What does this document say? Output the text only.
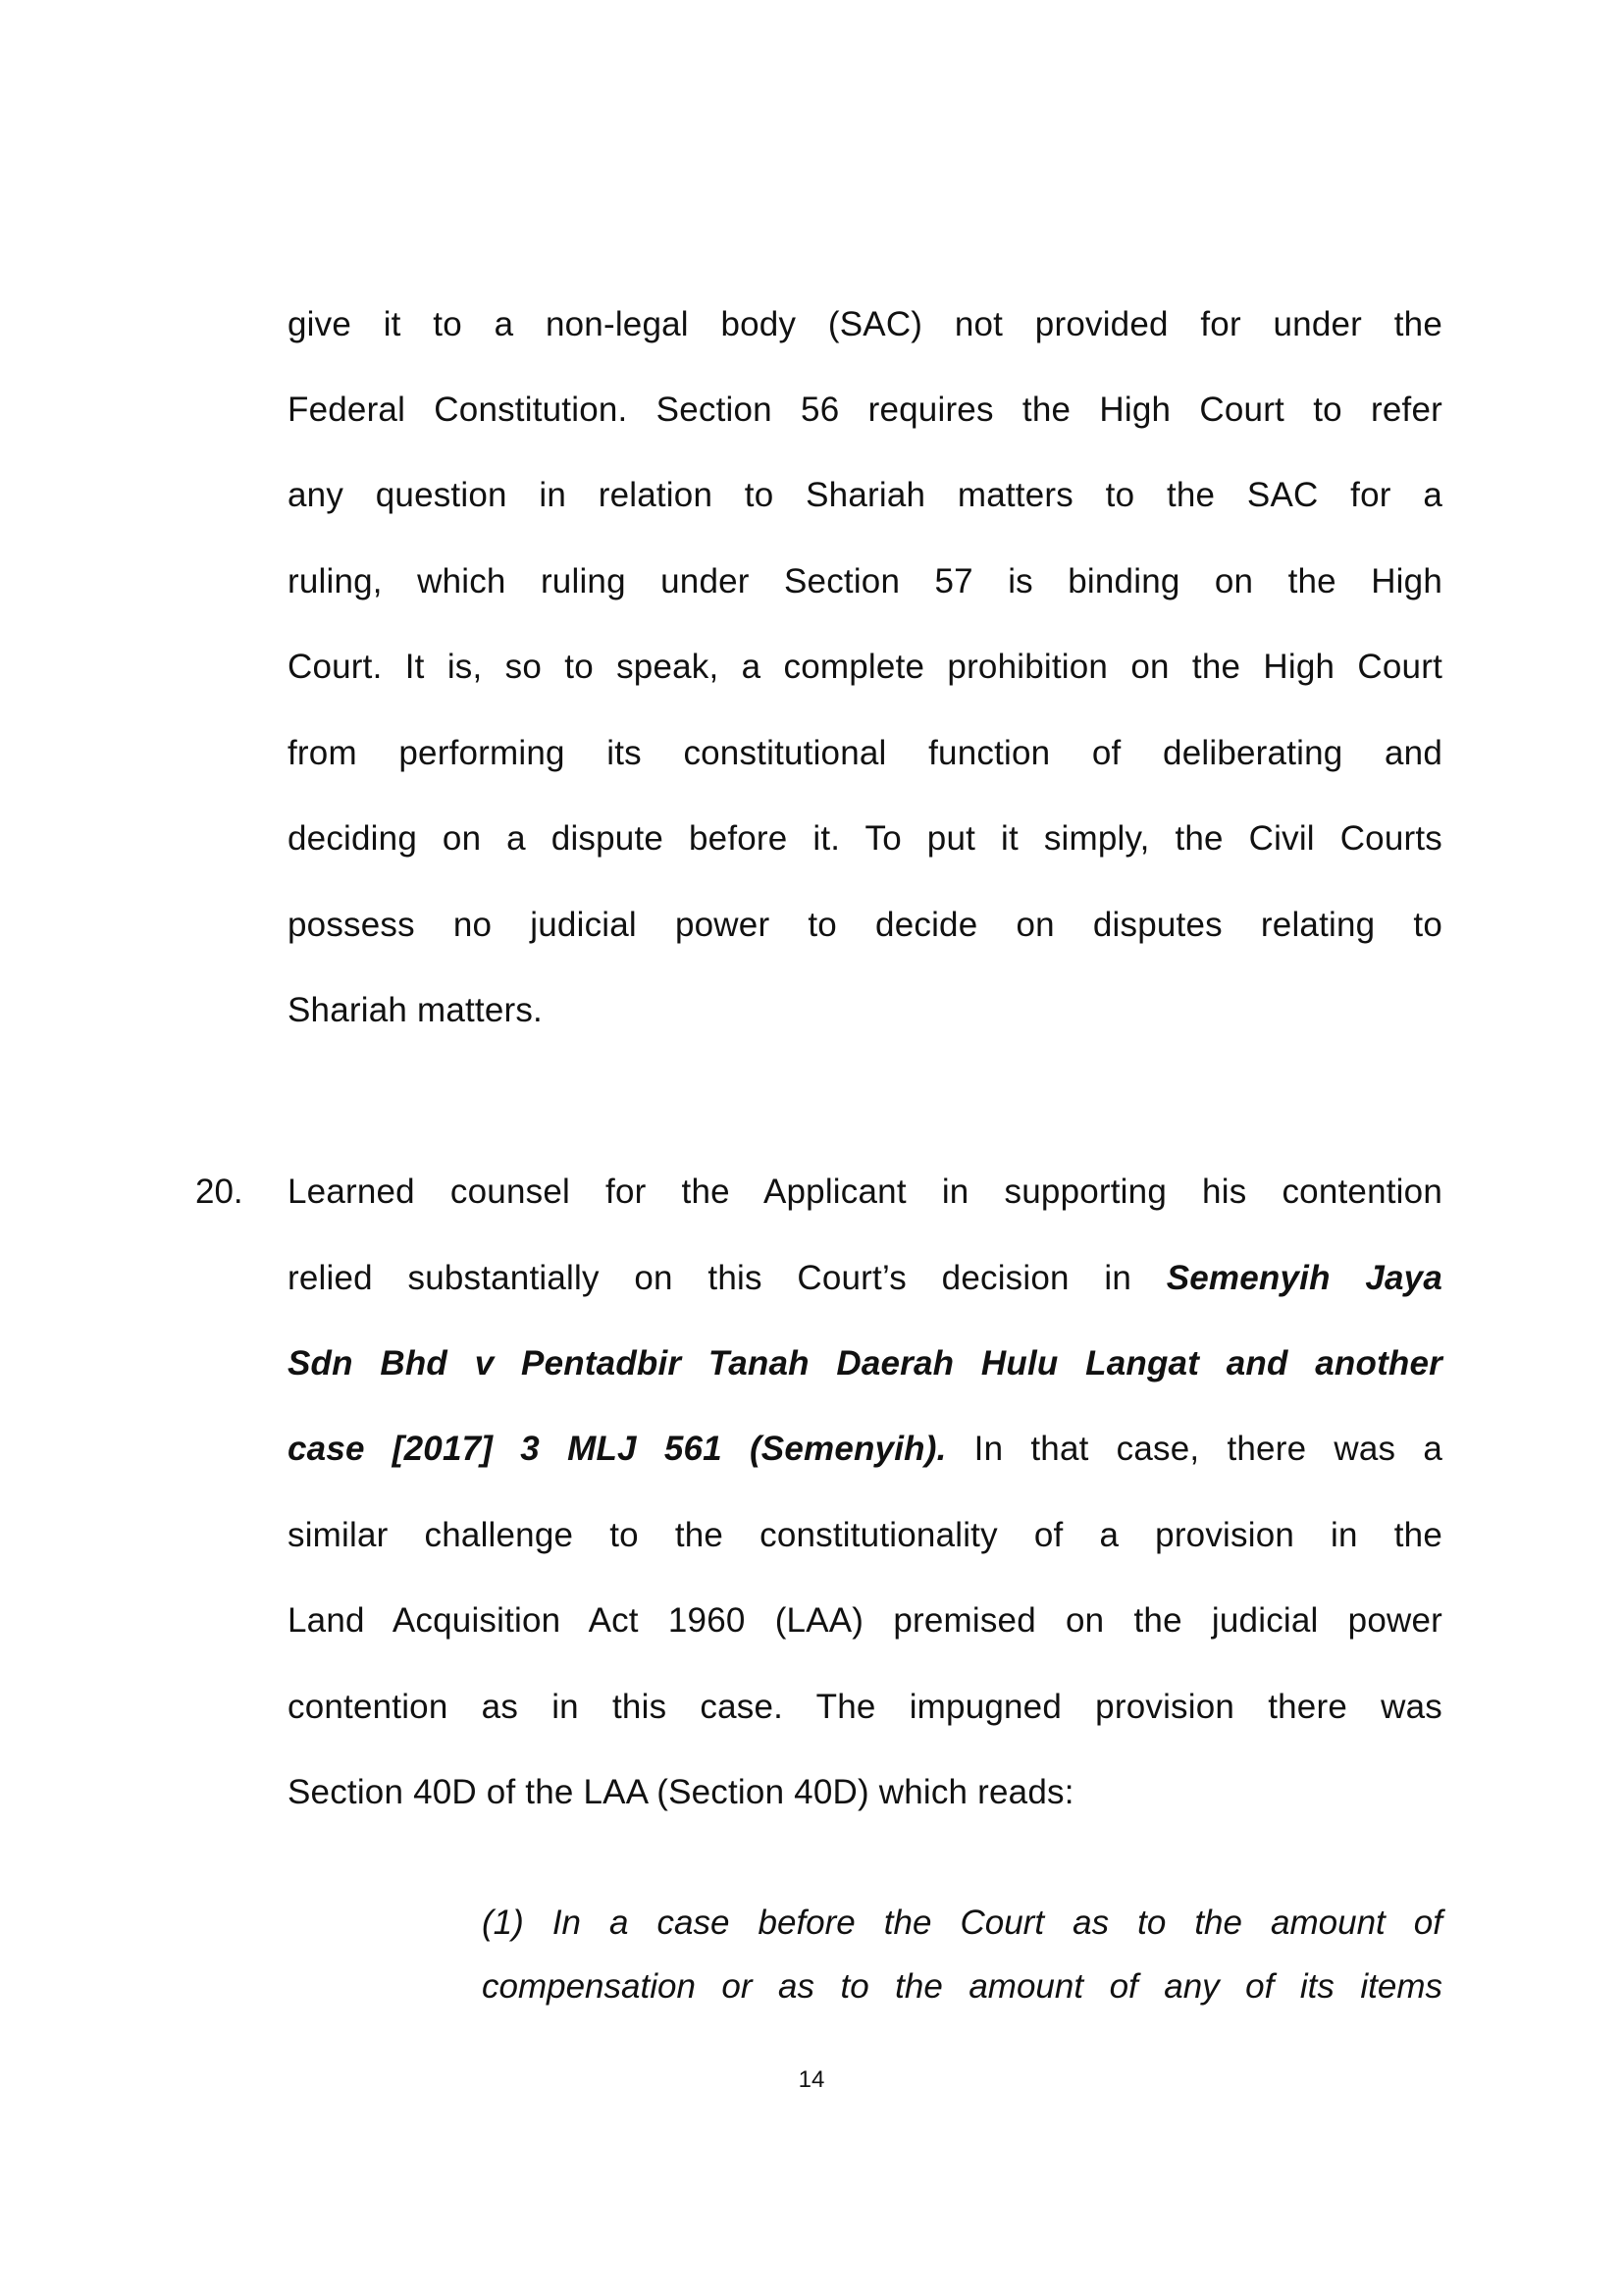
give it to a non-legal body (SAC) not provided for under the
Federal Constitution. Section 56 requires the High Court to refer
any question in relation to Shariah matters to the SAC for a
ruling, which ruling under Section 57 is binding on the High
Court. It is, so to speak, a complete prohibition on the High Court
from performing its constitutional function of deliberating and
deciding on a dispute before it. To put it simply, the Civil Courts
possess no judicial power to decide on disputes relating to
Shariah matters.
20. Learned counsel for the Applicant in supporting his contention
relied substantially on this Court’s decision in Semenyih Jaya
Sdn Bhd v Pentadbir Tanah Daerah Hulu Langat and another
case [2017] 3 MLJ 561 (Semenyih). In that case, there was a
similar challenge to the constitutionality of a provision in the
Land Acquisition Act 1960 (LAA) premised on the judicial power
contention as in this case. The impugned provision there was
Section 40D of the LAA (Section 40D) which reads:
(1) In a case before the Court as to the amount of
compensation or as to the amount of any of its items
14
